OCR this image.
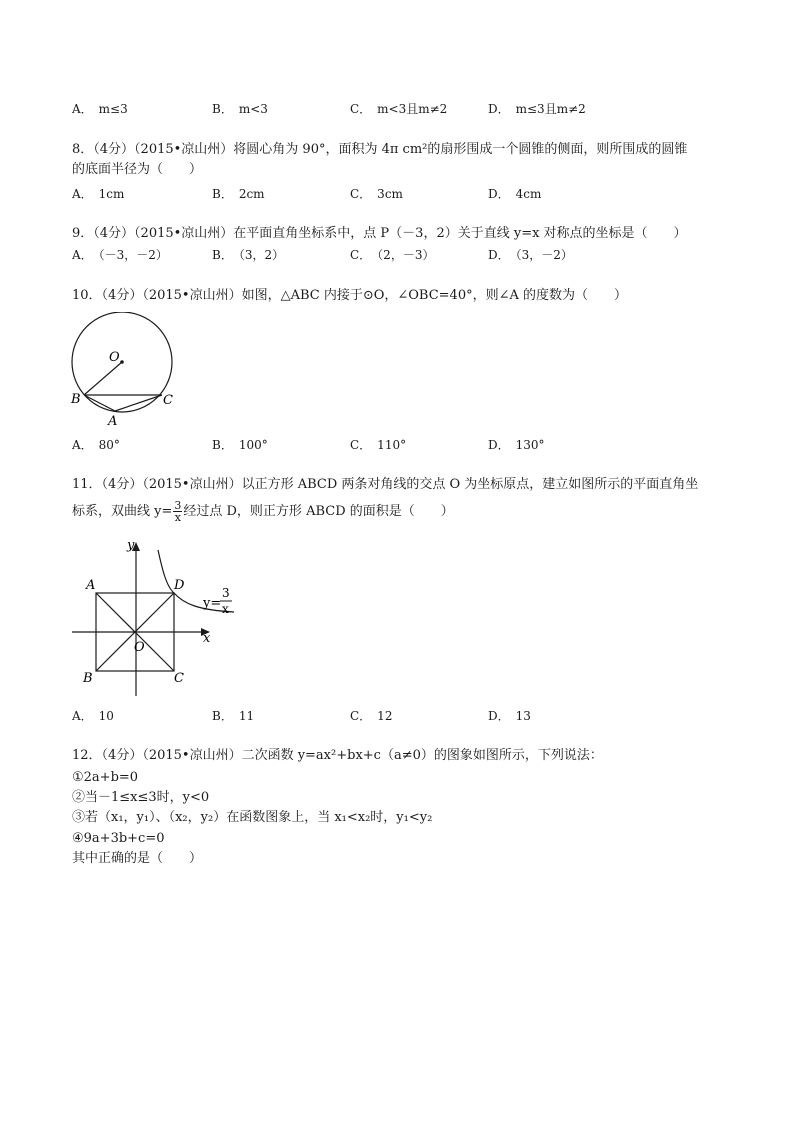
A．　m≤3	B．　m<3	C．　m<3且m≠2	D．　m≤3且m≠2
8．（4分）（2015•凉山州）将圆心角为 90°，面积为 4π cm²的扇形围成一个圆锥的侧面，则所围成的圆锥
的底面半径为（　　）
A．　1cm	B．　2cm	C．　3cm	D．　4cm
9．（4分）（2015•凉山州）在平面直角坐标系中，点 P（－3，2）关于直线 y=x 对称点的坐标是（　　）
A．　（－3，－2）	B．　（3，2）	C．　（2，－3）	D．　（3，－2）
10．（4分）（2015•凉山州）如图，△ABC 内接于⊙O，∠OBC=40°，则∠A 的度数为（　　）
O
B	C
A
A．　80°	B．　100°	C．　110°	D．　130°
11．（4分）（2015•凉山州）以正方形 ABCD 两条对角线的交点 O 为坐标原点，建立如图所示的平面直角坐
标系，双曲线 $y= \frac{3}{x}$ 经过点 D，则正方形 ABCD 的面积是（　　）
y
x
A	D
B	C
O
y=
3
x
A．　10	B．　11	C．　12	D．　13
12．（4分）（2015•凉山州）二次函数 y=ax²+bx+c（a≠0）的图象如图所示，下列说法：
①2a+b=0
②当－1≤x≤3时，y<0
③若（x₁，y₁）、（x₂，y₂）在函数图象上，当 x₁<x₂时，y₁<y₂
④9a+3b+c=0
其中正确的是（　　）
